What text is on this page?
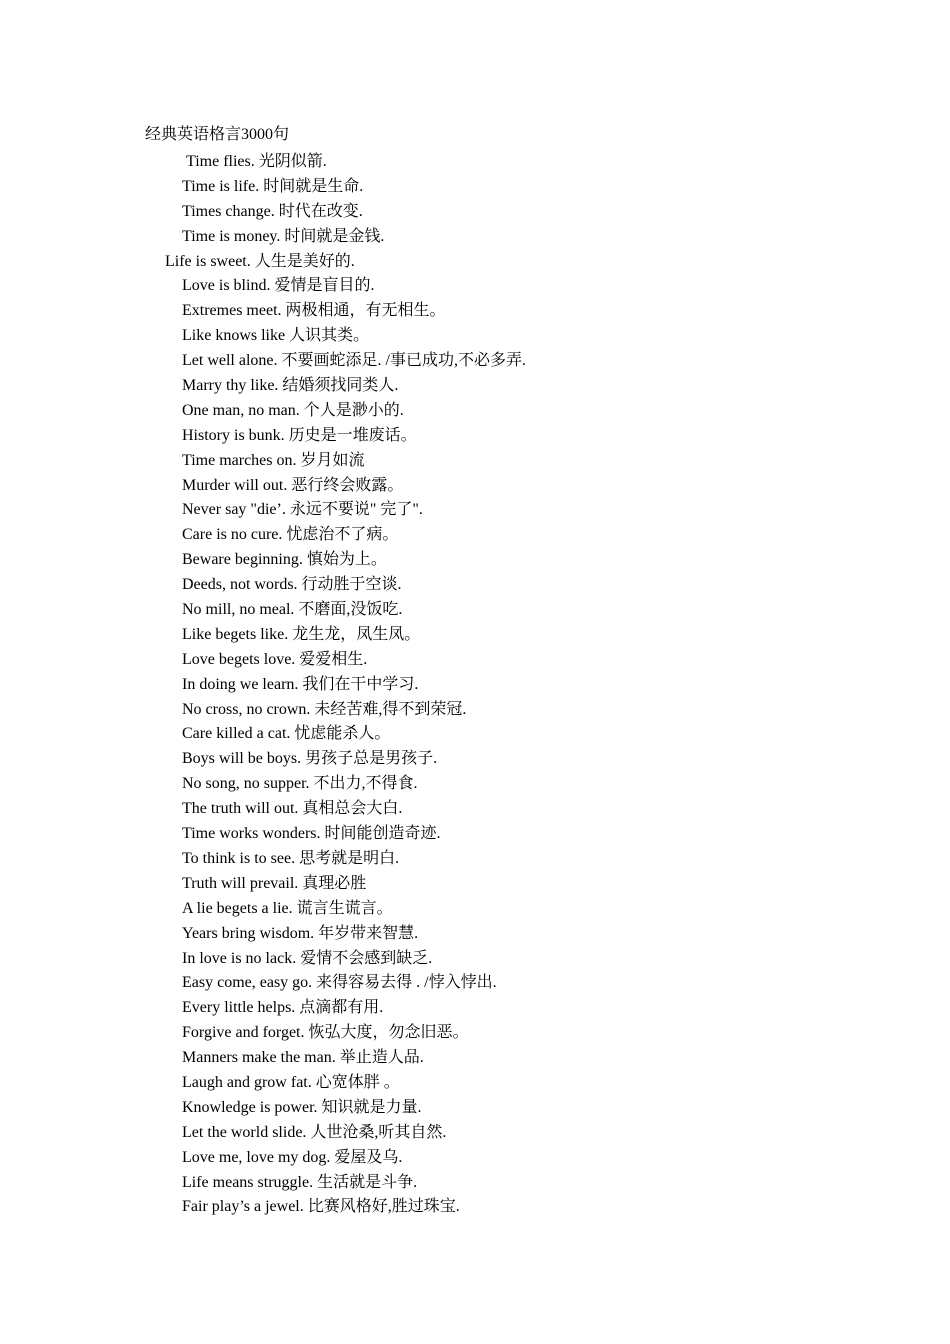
经典英语格言3000句
Time flies. 光阴似箭.
Time is life. 时间就是生命.
Times change. 时代在改变.
Time is money. 时间就是金钱.
Life is sweet. 人生是美好的.
Love is blind. 爱情是盲目的.
Extremes meet. 两极相通，有无相生。
Like knows like 人识其类。
Let well alone. 不要画蛇添足. /事已成功,不必多弄.
Marry thy like. 结婚须找同类人.
One man, no man. 个人是渺小的.
History is bunk. 历史是一堆废话。
Time marches on. 岁月如流
Murder will out. 恶行终会败露。
Never say "die’. 永远不要说" 完了".
Care is no cure. 忧虑治不了病。
Beware beginning. 慎始为上。
Deeds, not words. 行动胜于空谈.
No mill, no meal. 不磨面,没饭吃.
Like begets like. 龙生龙，凤生凤。
Love begets love. 爱爱相生.
In doing we learn. 我们在干中学习.
No cross, no crown. 未经苦难,得不到荣冠.
Care killed a cat. 忧虑能杀人。
Boys will be boys. 男孩子总是男孩子.
No song, no supper. 不出力,不得食.
The truth will out. 真相总会大白.
Time works wonders. 时间能创造奇迹.
To think is to see. 思考就是明白.
Truth will prevail. 真理必胜
A lie begets a lie. 谎言生谎言。
Years bring wisdom. 年岁带来智慧.
In love is no lack. 爱情不会感到缺乏.
Easy come, easy go. 来得容易去得 . /悖入悖出.
Every little helps. 点滴都有用.
Forgive and forget. 恢弘大度，勿念旧恶。
Manners make the man. 举止造人品.
Laugh and grow fat. 心宽体胖 。
Knowledge is power. 知识就是力量.
Let the world slide. 人世沧桑,听其自然.
Love me, love my dog. 爱屋及乌.
Life means struggle. 生活就是斗争.
Fair play’s a jewel. 比赛风格好,胜过珠宝.
